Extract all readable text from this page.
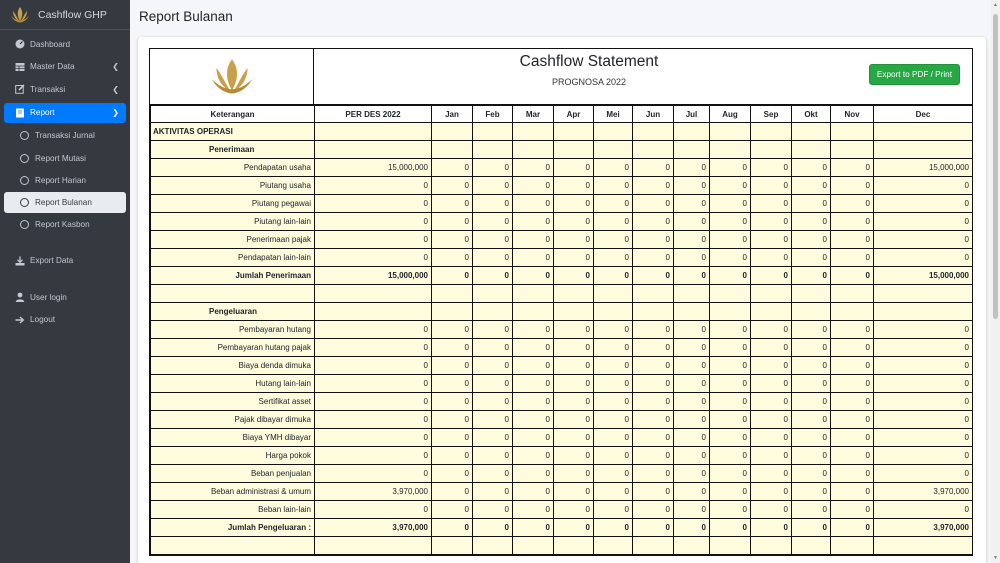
Cashflow GHP
Dashboard
Master Data	❮
Transaksi	❮
Report	❯
Transaksi Jurnal
Report Mutasi
Report Harian
Report Bulanan
Report Kasbon
Export Data
User login
Logout
Report Bulanan
Cashflow Statement
PROGNOSA 2022
Export to PDF / Print
Keterangan	PER DES 2022	Jan	Feb	Mar	Apr	Mei	Jun	Jul	Aug	Sep	Okt	Nov	Dec
AKTIVITAS OPERASI													
Penerimaan													
Pendapatan usaha	15,000,000	0	0	0	0	0	0	0	0	0	0	0	15,000,000
Piutang usaha	0	0	0	0	0	0	0	0	0	0	0	0	0
Piutang pegawai	0	0	0	0	0	0	0	0	0	0	0	0	0
Piutang lain-lain	0	0	0	0	0	0	0	0	0	0	0	0	0
Penerimaan pajak	0	0	0	0	0	0	0	0	0	0	0	0	0
Pendapatan lain-lain	0	0	0	0	0	0	0	0	0	0	0	0	0
Jumlah Penerimaan	15,000,000	0	0	0	0	0	0	0	0	0	0	0	15,000,000

Pengeluaran													
Pembayaran hutang	0	0	0	0	0	0	0	0	0	0	0	0	0
Pembayaran hutang pajak	0	0	0	0	0	0	0	0	0	0	0	0	0
Biaya denda dimuka	0	0	0	0	0	0	0	0	0	0	0	0	0
Hutang lain-lain	0	0	0	0	0	0	0	0	0	0	0	0	0
Sertifikat asset	0	0	0	0	0	0	0	0	0	0	0	0	0
Pajak dibayar dimuka	0	0	0	0	0	0	0	0	0	0	0	0	0
Biaya YMH dibayar	0	0	0	0	0	0	0	0	0	0	0	0	0
Harga pokok	0	0	0	0	0	0	0	0	0	0	0	0	0
Beban penjualan	0	0	0	0	0	0	0	0	0	0	0	0	0
Beban administrasi & umum	3,970,000	0	0	0	0	0	0	0	0	0	0	0	3,970,000
Beban lain-lain	0	0	0	0	0	0	0	0	0	0	0	0	0
Jumlah Pengeluaran :	3,970,000	0	0	0	0	0	0	0	0	0	0	0	3,970,000

▲
▼
